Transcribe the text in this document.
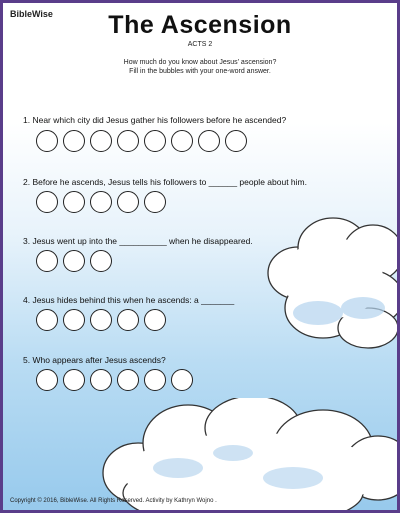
BibleWise	The Ascension
ACTS 2
How much do you know about Jesus' ascension?
Fill in the bubbles with your one-word answer.
1. Near which city did Jesus gather his followers before he ascended?
2. Before he ascends, Jesus tells his followers to ______ people about him.
3. Jesus went up into the __________ when he disappeared.
4. Jesus hides behind this when he ascends: a _______
5. Who appears after Jesus ascends?
Copyright © 2016, BibleWise. All Rights Reserved. Activity by Kathryn Wojno .
